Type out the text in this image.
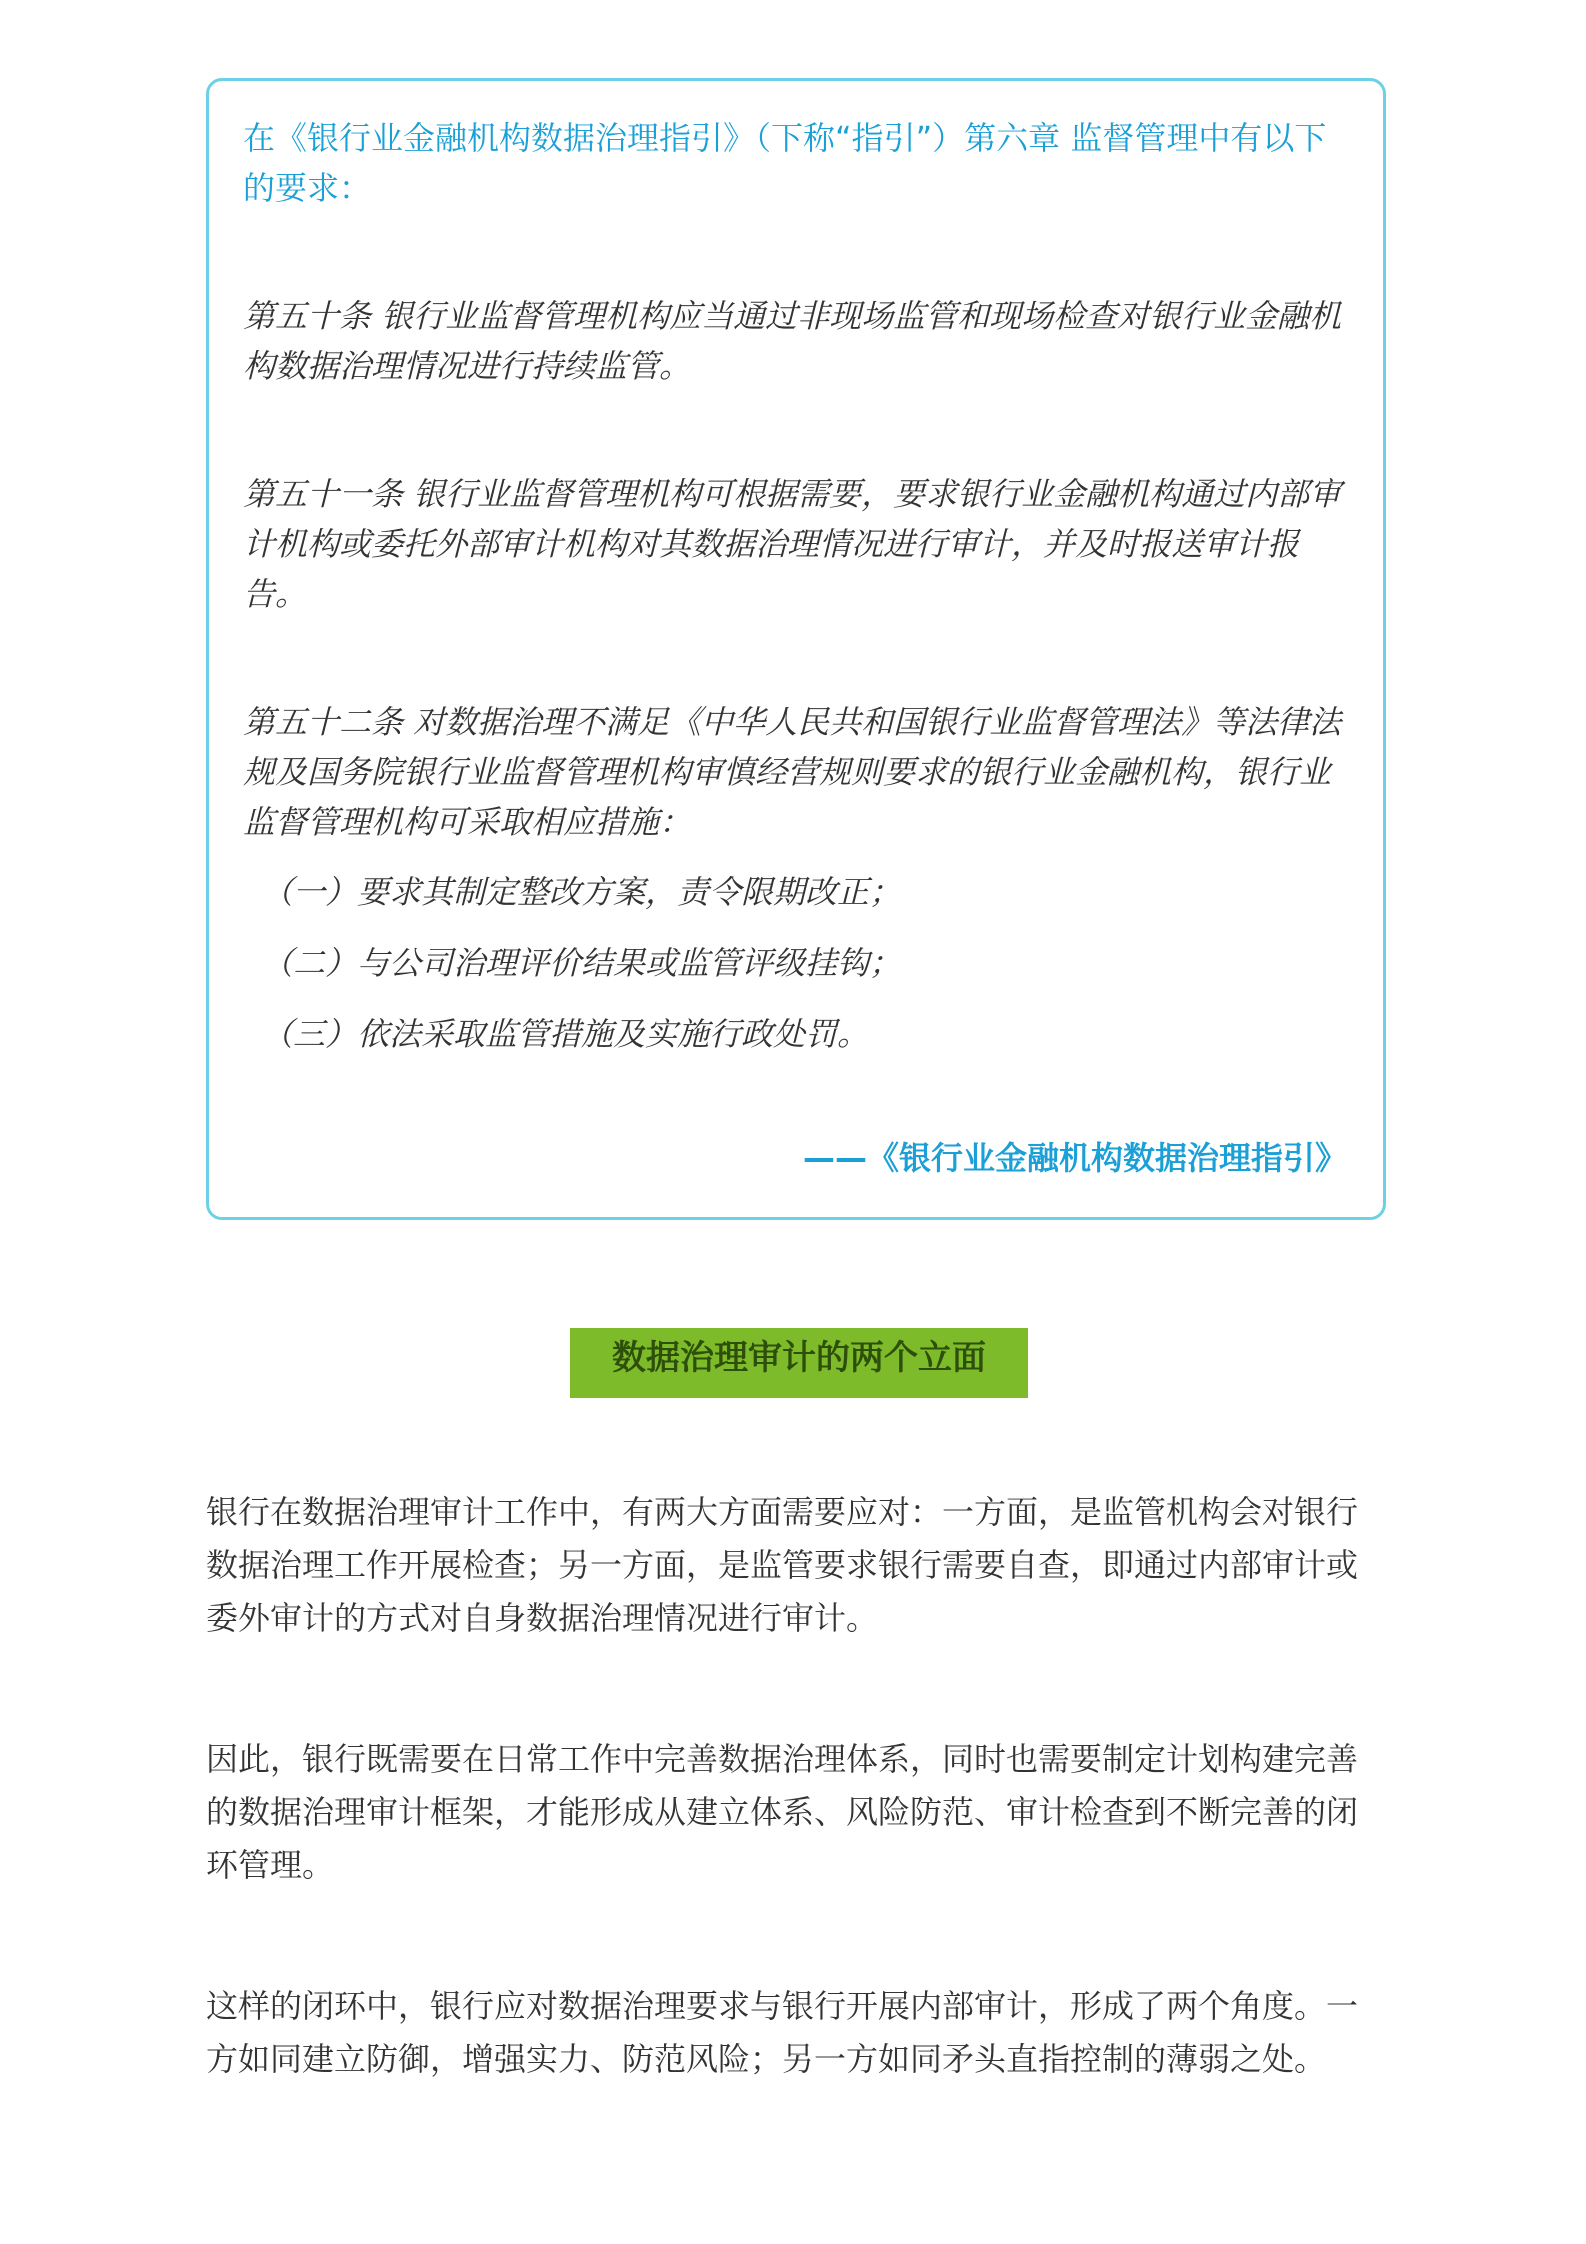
在《银行业金融机构数据治理指引》（下称“指引”）第六章 监督管理中有以下的要求：

第五十条 银行业监督管理机构应当通过非现场监管和现场检查对银行业金融机构数据治理情况进行持续监管。

第五十一条 银行业监督管理机构可根据需要，要求银行业金融机构通过内部审计机构或委托外部审计机构对其数据治理情况进行审计，并及时报送审计报告。

第五十二条 对数据治理不满足《中华人民共和国银行业监督管理法》等法律法规及国务院银行业监督管理机构审慎经营规则要求的银行业金融机构，银行业监督管理机构可采取相应措施：

（一）要求其制定整改方案，责令限期改正；

（二）与公司治理评价结果或监管评级挂钩；

（三）依法采取监管措施及实施行政处罚。

——《银行业金融机构数据治理指引》
数据治理审计的两个立面

银行在数据治理审计工作中，有两大方面需要应对：一方面，是监管机构会对银行数据治理工作开展检查；另一方面，是监管要求银行需要自查，即通过内部审计或委外审计的方式对自身数据治理情况进行审计。

因此，银行既需要在日常工作中完善数据治理体系，同时也需要制定计划构建完善的数据治理审计框架，才能形成从建立体系、风险防范、审计检查到不断完善的闭环管理。

这样的闭环中，银行应对数据治理要求与银行开展内部审计，形成了两个角度。一方如同建立防御，增强实力、防范风险；另一方如同矛头直指控制的薄弱之处。
